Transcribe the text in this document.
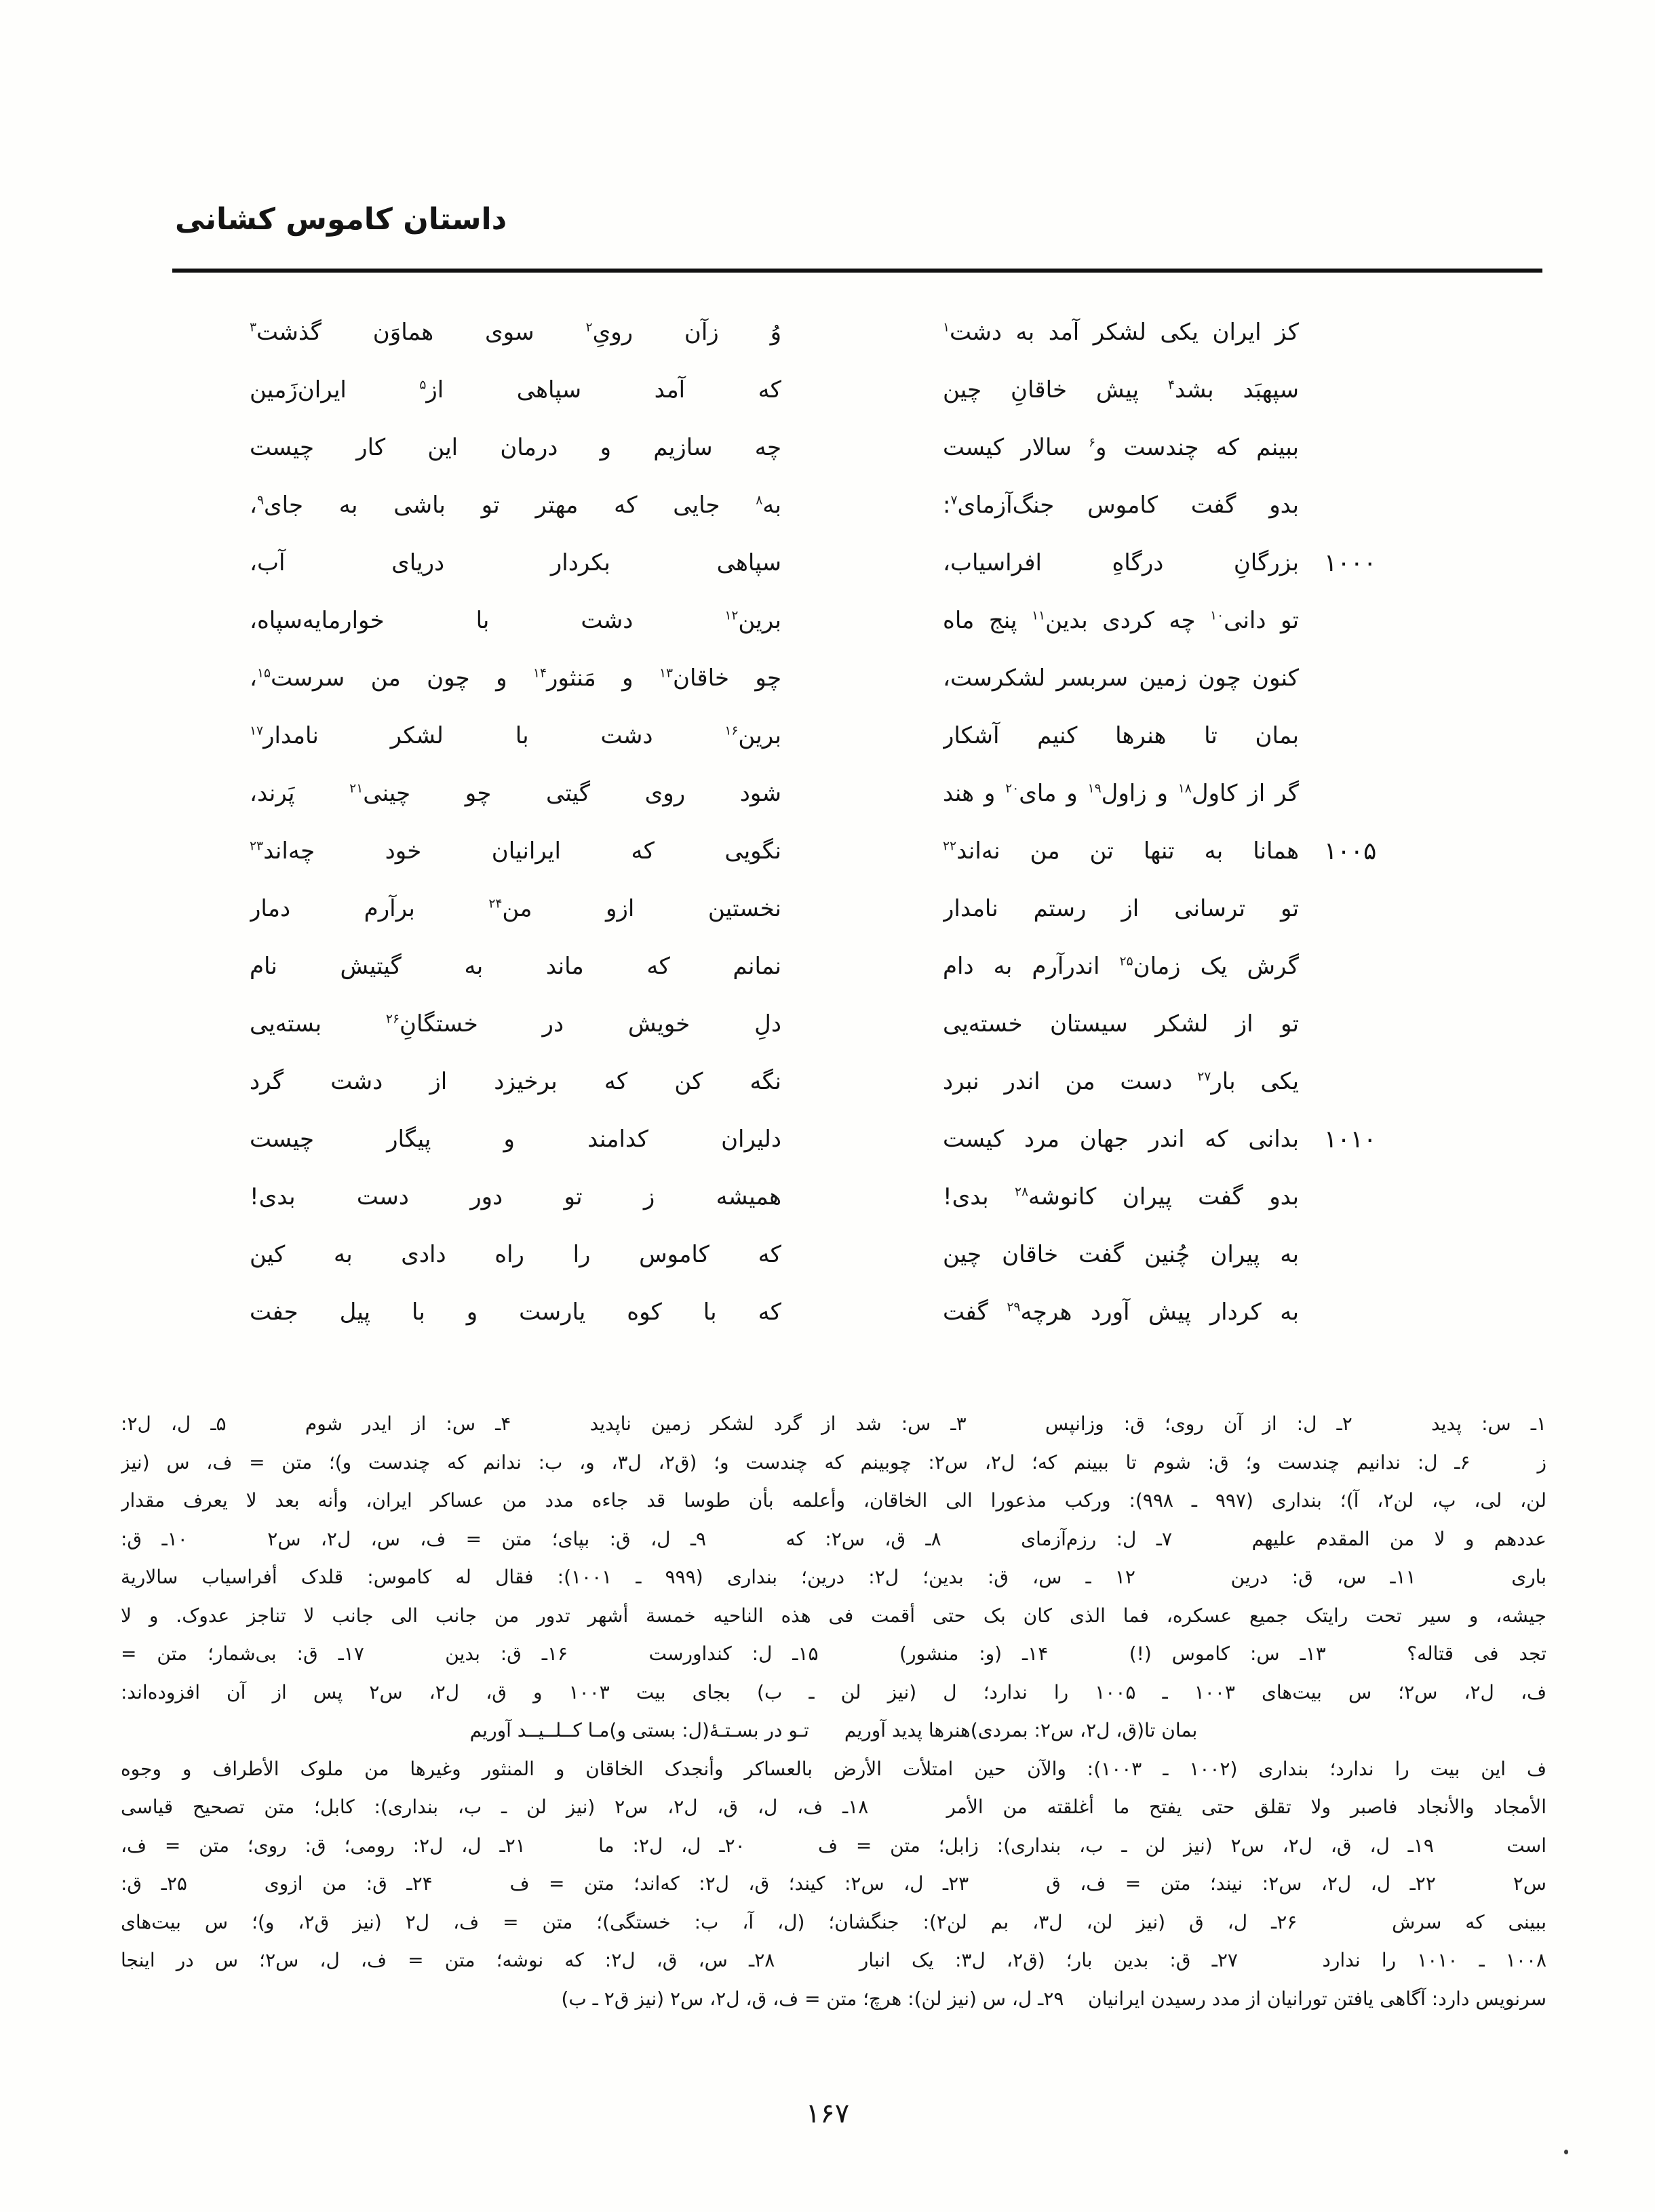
داستان کاموس کشانی
۱۰۰۰
۱۰۰۵
۱۰۱۰
کز ایران یکی لشکر آمد به دشت$^۱$
سپهبَد بشد$^۴$ پیش خاقانِ چین
ببینم که چندست و$^۶$ سالار کیست
بدو گفت کاموس جنگ‌آزمای$^۷$:
بزرگانِ درگاهِ افراسیاب،
تو دانی$^{۱۰}$ چه کردی بدین$^{۱۱}$ پنج ماه
کنون چون زمین سربسر لشکرست،
بمان تا هنرها کنیم آشکار
گر از کاول$^{۱۸}$ و زاول$^{۱۹}$ و مای$^{۲۰}$ و هند
همانا به تنها تن من نه‌اند$^{۲۲}$
تو ترسانی از رستم نامدار
گرش یک زمان$^{۲۵}$ اندرآرم به دام
تو از لشکر سیستان خسته‌یی
یکی بار$^{۲۷}$ دست من اندر نبرد
بدانی که اندر جهان مرد کیست
بدو گفت پیران کانوشه$^{۲۸}$ بدی!
به پیران چُنین گفت خاقان چین
به کردار پیش آورد هرچه$^{۲۹}$ گفت
وُ زآن رویِ$^۲$ سوی هماوَن گذشت$^۳$
که آمد سپاهی از$^۵$ ایران‌زَمین
چه سازیم و درمان این کار چیست
به$^۸$ جایی که مهتر تو باشی به جای$^۹$،
سپاهی بکردار دریای آب،
برین$^{۱۲}$ دشت با خوارمایه‌سپاه،
چو خاقان$^{۱۳}$ و مَنثور$^{۱۴}$ و چون من سرست$^{۱۵}$،
برین$^{۱۶}$ دشت با لشکر نامدار$^{۱۷}$
شود روی گیتی چو چینی$^{۲۱}$ پَرند،
نگویی که ایرانیان خود چه‌اند$^{۲۳}$
نخستین ازو من$^{۲۴}$ برآرم دمار
نمانم که ماند به گیتیش نام
دلِ خویش در خستگانِ$^{۲۶}$ بسته‌یی
نگه کن که برخیزد از دشت گرد
دلیران کدامند و پیگار چیست
همیشه ز تو دور دست بدی!
که کاموس را راه دادی به کین
که با کوه یارست و با پیل جفت
۱ـ س: پدید    ۲ـ ل: از آن روی؛ ق: وزانپس    ۳ـ س: شد از گرد لشکر زمین ناپدید    ۴ـ س: از ایدر شوم    ۵ـ ل، ل۲:
ز    ۶ـ ل: ندانیم چندست و؛ ق: شوم تا ببینم که؛ ل۲، س۲: چوبینم که چندست و؛ (ق۲، ل۳، و، ب: ندانم که چندست و)؛ متن = ف، س (نیز
لن، لی، پ، لن۲، آ)؛ بنداری (۹۹۷ ـ ۹۹۸): ورکب مذعورا الی الخاقان، وأعلمه بأن طوسا قد جاءه مدد من عساکر ایران، وأنه بعد لا یعرف مقدار
عددهم و لا من المقدم علیهم    ۷ـ ل: رزم‌آزمای    ۸ـ ق، س۲: که    ۹ـ ل، ق: بپای؛ متن = ف، س، ل۲، س۲    ۱۰ـ ق:
باری    ۱۱ـ س، ق: درین    ۱۲ ـ س، ق: بدین؛ ل۲: درین؛ بنداری (۹۹۹ ـ ۱۰۰۱): فقال له کاموس: قلدک أفراسیاب سالاریة
جیشه، و سیر تحت رایتک جمیع عسکره، فما الذی کان بک حتی أقمت فی هذه الناحیه خمسة أشهر تدور من جانب الی جانب لا تناجز عدوک. و لا
تجد فی قتاله؟    ۱۳ـ س: کاموس (!)    ۱۴ـ (و: منشور)    ۱۵ـ ل: کنداورست    ۱۶ـ ق: بدین    ۱۷ـ ق: بی‌شمار؛ متن =
ف، ل۲، س۲؛ س بیت‌های ۱۰۰۳ ـ ۱۰۰۵ را ندارد؛ ل (نیز لن ـ ب) بجای بیت ۱۰۰۳ و ق، ل۲، س۲ پس از آن افزوده‌اند:
بمان تا(ق، ل۲، س۲: بمردی)هنرها پدید آوریم
تـو در بسـتـهٔ(ل: بستی و)مـا کــلــیــد آوریم
ف این بیت را ندارد؛ بنداری (۱۰۰۲ ـ ۱۰۰۳): والآن حین امتلأت الأرض بالعساکر وأنجدک الخاقان و المنثور وغیرها من ملوک الأطراف و وجوه
الأمجاد والأنجاد فاصبر ولا تقلق حتی یفتح ما أغلقته من الأمر    ۱۸ـ ف، ل، ق، ل۲، س۲ (نیز لن ـ ب، بنداری): کابل؛ متن تصحیح قیاسی
است    ۱۹ـ ل، ق، ل۲، س۲ (نیز لن ـ ب، بنداری): زابل؛ متن = ف    ۲۰ـ ل، ل۲: ما    ۲۱ـ ل، ل۲: رومی؛ ق: روی؛ متن = ف،
س۲    ۲۲ـ ل، ل۲، س۲: نیند؛ متن = ف، ق    ۲۳ـ ل، س۲: کیند؛ ق، ل۲: که‌اند؛ متن = ف    ۲۴ـ ق: من ازوی    ۲۵ـ ق:
ببینی که سرش    ۲۶ـ ل، ق (نیز لن، ل۳، بم لن۲): جنگشان؛ (ل، آ، ب: خستگی)؛ متن = ف، ل۲ (نیز ق۲، و)؛ س بیت‌های
۱۰۰۸ ـ ۱۰۱۰ را ندارد    ۲۷ـ ق: بدین بار؛ (ق۲، ل۳: یک انبار    ۲۸ـ س، ق، ل۲: که نوشه؛ متن = ف، ل، س۲؛ س در اینجا
سرنویس دارد: آگاهی یافتن تورانیان از مدد رسیدن ایرانیان    ۲۹ـ ل، س (نیز لن): هرچ؛ متن = ف، ق، ل۲، س۲ (نیز ق۲ ـ ب)
۱۶۷
